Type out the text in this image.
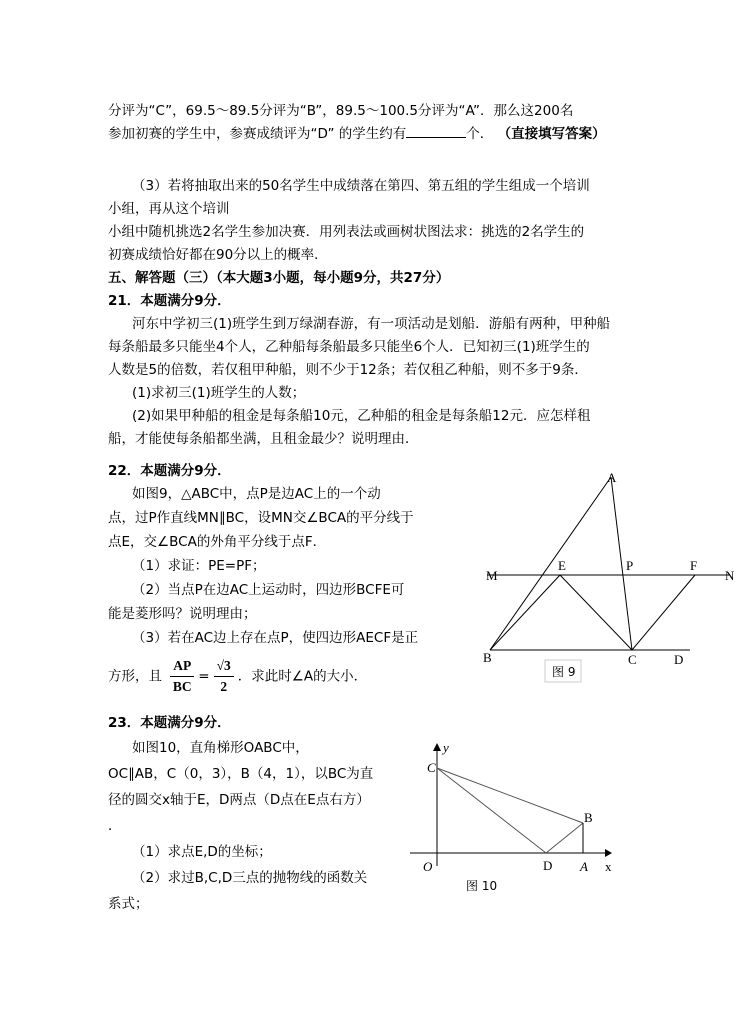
分评为“C”，69.5～89.5分评为“B”，89.5～100.5分评为“A”．那么这200名
参加初赛的学生中，参赛成绩评为“D” 的学生约有	个． （直接填写答案）
（3）若将抽取出来的50名学生中成绩落在第四、第五组的学生组成一个培训
小组，再从这个培训
小组中随机挑选2名学生参加决赛．用列表法或画树状图法求：挑选的2名学生的
初赛成绩恰好都在90分以上的概率．
五、解答题（三）（本大题3小题，每小题9分，共27分）
21．本题满分9分．
河东中学初三(1)班学生到万绿湖春游，有一项活动是划船．游船有两种，甲种船
每条船最多只能坐4个人，乙种船每条船最多只能坐6个人．已知初三(1)班学生的
人数是5的倍数，若仅租甲种船，则不少于12条；若仅租乙种船，则不多于9条．
(1)求初三(1)班学生的人数；
(2)如果甲种船的租金是每条船10元，乙种船的租金是每条船12元．应怎样租
船，才能使每条船都坐满，且租金最少？说明理由．
22．本题满分9分．
如图9，△ABC中，点P是边AC上的一个动
点，过P作直线MN∥BC，设MN交∠BCA的平分线于
点E，交∠BCA的外角平分线于点F．
（1）求证：PE=PF；
（2）当点P在边AC上运动时，四边形BCFE可
能是菱形吗？说明理由；
（3）若在AC边上存在点P，使四边形AECF是正
方形，且 $\frac{AP}{BC} = \frac{√3}{2}$ ．求此时∠A的大小．
23．本题满分9分．
如图10，直角梯形OABC中，
OC∥AB，C（0，3），B（4，1），以BC为直
径的圆交x轴于E，D两点（D点在E点右方）
．
（1）求点E,D的坐标；
（2）求过B,C,D三点的抛物线的函数关
系式；
A
B	C	D
E	P	F
M	N
图 9
C
B
D A
O	x
y
图 10
